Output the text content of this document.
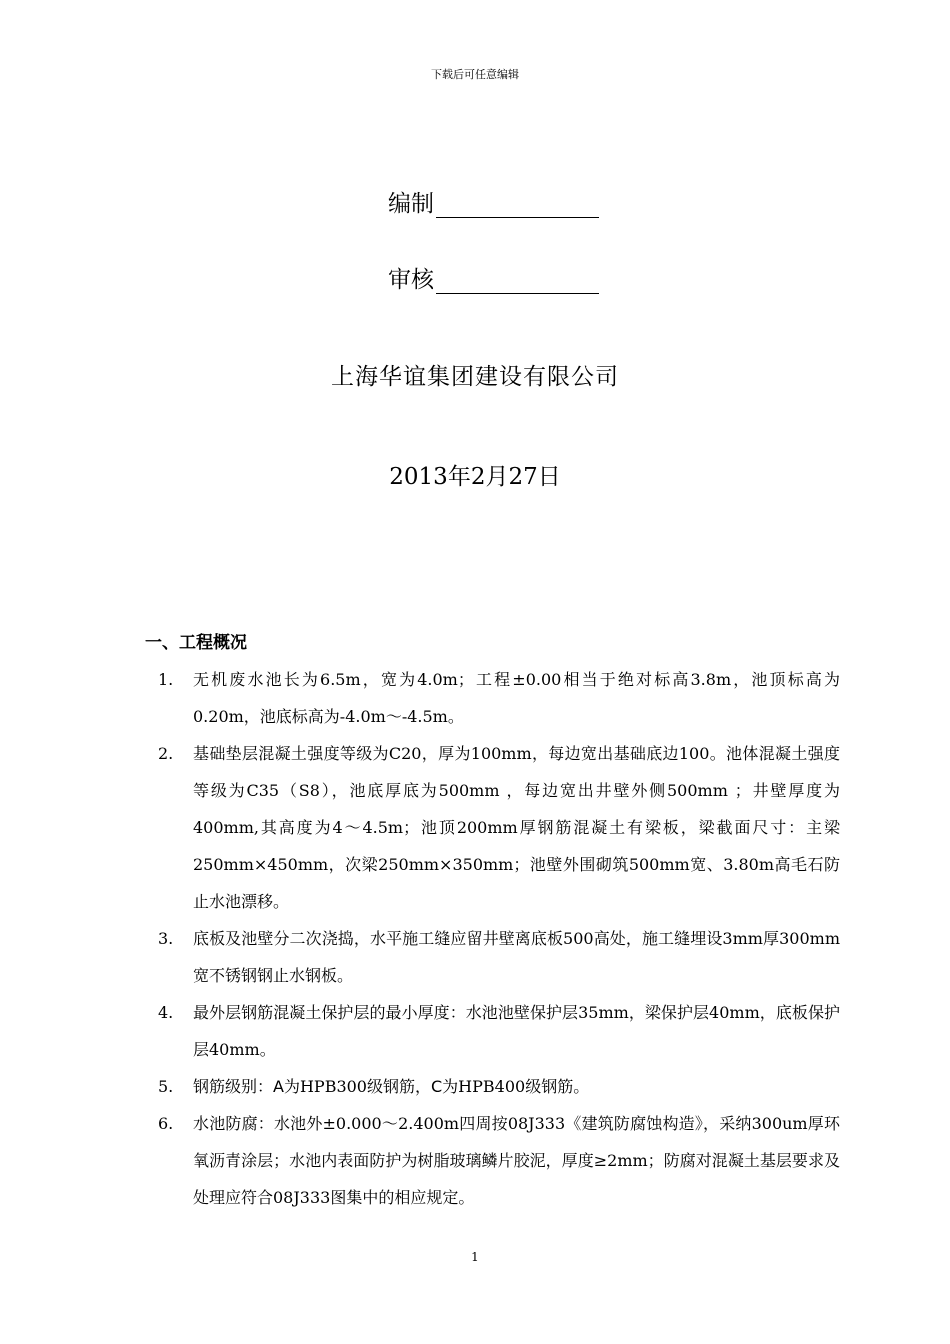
下载后可任意编辑
编制
审核
上海华谊集团建设有限公司
2013年2月27日
一、工程概况
1. 无机废水池长为6.5m，宽为4.0m；工程±0.00相当于绝对标高3.8m，池顶标高为0.20m，池底标高为-4.0m～-4.5m。
2. 基础垫层混凝土强度等级为C20，厚为100mm，每边宽出基础底边100。池体混凝土强度等级为C35（S8），池底厚底为500mm ，每边宽出井壁外侧500mm ；井壁厚度为400mm,其高度为4～4.5m；池顶200mm厚钢筋混凝土有梁板，梁截面尺寸：主梁250mm×450mm，次梁250mm×350mm；池壁外围砌筑500mm宽、3.80m高毛石防止水池漂移。
3. 底板及池壁分二次浇捣，水平施工缝应留井壁离底板500高处，施工缝埋设3mm厚300mm宽不锈钢钢止水钢板。
4. 最外层钢筋混凝土保护层的最小厚度：水池池壁保护层35mm，梁保护层40mm，底板保护层40mm。
5. 钢筋级别：A为HPB300级钢筋，C为HPB400级钢筋。
6. 水池防腐：水池外±0.000～2.400m四周按08J333《建筑防腐蚀构造》，采纳300um厚环氧沥青涂层；水池内表面防护为树脂玻璃鳞片胶泥，厚度≥2mm；防腐对混凝土基层要求及处理应符合08J333图集中的相应规定。
1
